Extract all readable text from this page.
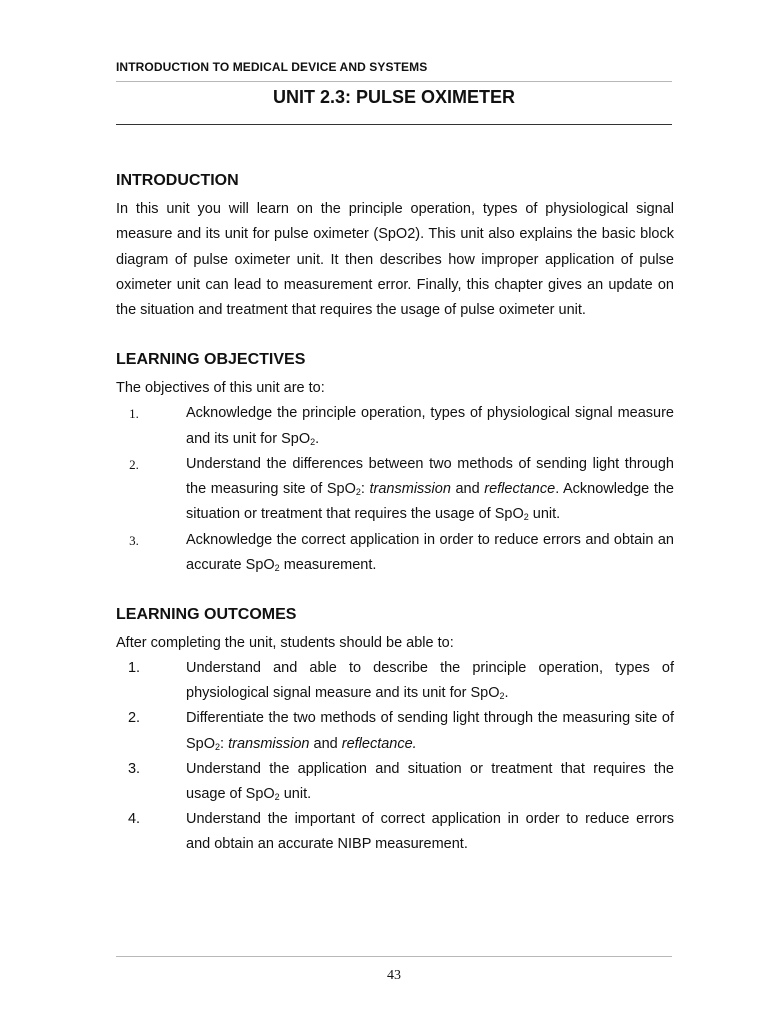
INTRODUCTION TO MEDICAL DEVICE AND SYSTEMS
UNIT 2.3: PULSE OXIMETER
INTRODUCTION

In this unit you will learn on the principle operation, types of physiological signal measure and its unit for pulse oximeter (SpO2). This unit also explains the basic block diagram of pulse oximeter unit. It then describes how improper application of pulse oximeter unit can lead to measurement error. Finally, this chapter gives an update on the situation and treatment that requires the usage of pulse oximeter unit.

LEARNING OBJECTIVES

The objectives of this unit are to:

1.	Acknowledge the principle operation, types of physiological signal measure and its unit for SpO$_2$.
2.	Understand the differences between two methods of sending light through the measuring site of SpO$_2$: transmission and reflectance. Acknowledge the situation or treatment that requires the usage of SpO$_2$ unit.
3.	Acknowledge the correct application in order to reduce errors and obtain an accurate SpO$_2$ measurement.
LEARNING OUTCOMES

After completing the unit, students should be able to:

1.	Understand and able to describe the principle operation, types of physiological signal measure and its unit for SpO$_2$.
2.	Differentiate the two methods of sending light through the measuring site of SpO$_2$: transmission and reflectance.
3.	Understand the application and situation or treatment that requires the usage of SpO$_2$ unit.
4.	Understand the important of correct application in order to reduce errors and obtain an accurate NIBP measurement.
43
